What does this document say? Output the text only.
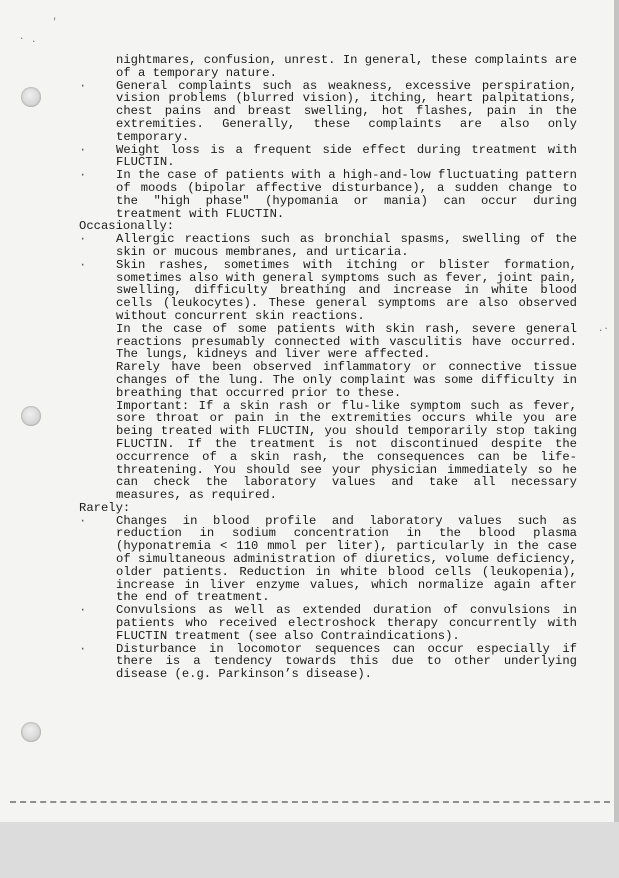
. .
'
.·

nightmares, confusion, unrest. In general, these complaints are of a temporary nature.

· General complaints such as weakness, excessive perspiration, vision problems (blurred vision), itching, heart palpitations, chest pains and breast swelling, hot flashes, pain in the extremities. Generally, these complaints are also only temporary.

· Weight loss is a frequent side effect during treatment with FLUCTIN.

· In the case of patients with a high-and-low fluctuating pattern of moods (bipolar affective disturbance), a sudden change to the "high phase" (hypomania or mania) can occur during treatment with FLUCTIN.

Occasionally:

· Allergic reactions such as bronchial spasms, swelling of the skin or mucous membranes, and urticaria.

· Skin rashes, sometimes with itching or blister formation, sometimes also with general symptoms such as fever, joint pain, swelling, difficulty breathing and increase in white blood cells (leukocytes). These general symptoms are also observed without concurrent skin reactions.

In the case of some patients with skin rash, severe general reactions presumably connected with vasculitis have occurred. The lungs, kidneys and liver were affected.

Rarely have been observed inflammatory or connective tissue changes of the lung. The only complaint was some difficulty in breathing that occurred prior to these.

Important: If a skin rash or flu-like symptom such as fever, sore throat or pain in the extremities occurs while you are being treated with FLUCTIN, you should temporarily stop taking FLUCTIN. If the treatment is not discontinued despite the occurrence of a skin rash, the consequences can be life-threatening. You should see your physician immediately so he can check the laboratory values and take all necessary measures, as required.

Rarely:

· Changes in blood profile and laboratory values such as reduction in sodium concentration in the blood plasma (hyponatremia < 110 mmol per liter), particularly in the case of simultaneous administration of diuretics, volume deficiency, older patients. Reduction in white blood cells (leukopenia), increase in liver enzyme values, which normalize again after the end of treatment.

· Convulsions as well as extended duration of convulsions in patients who received electroshock therapy concurrently with FLUCTIN treatment (see also Contraindications).

· Disturbance in locomotor sequences can occur especially if there is a tendency towards this due to other underlying disease (e.g. Parkinson’s disease).
